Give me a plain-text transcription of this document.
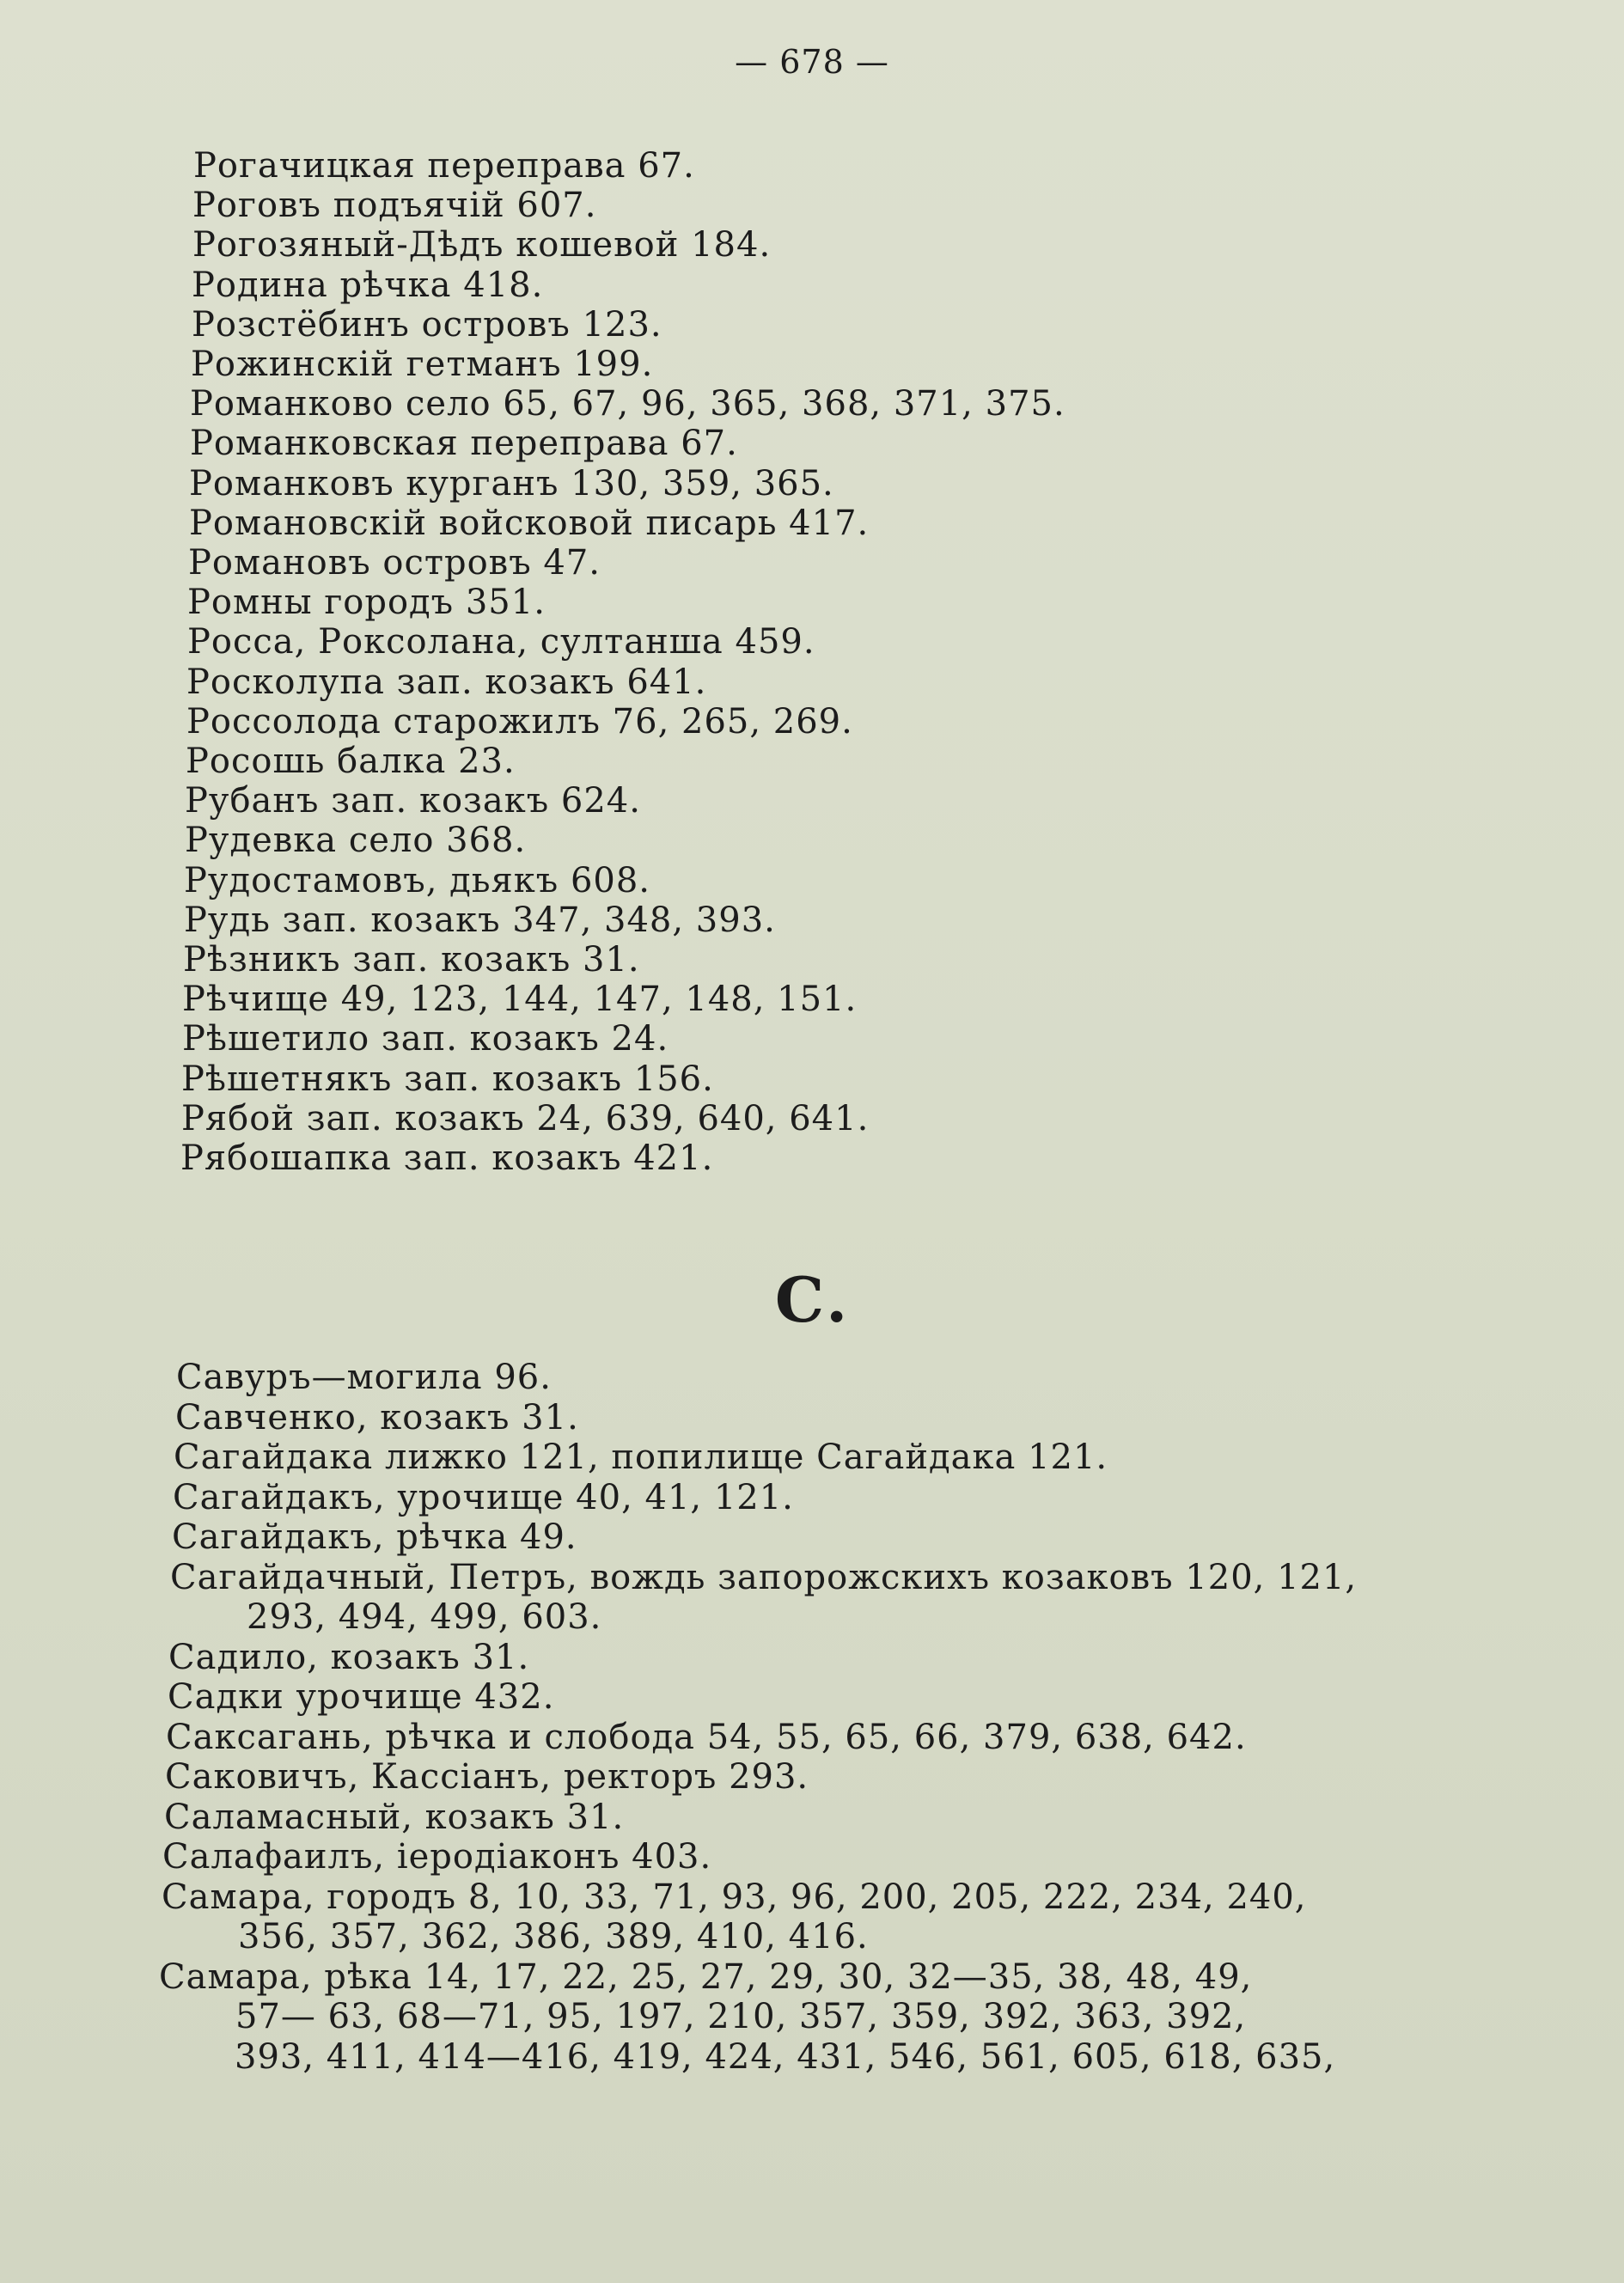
— 678 —
Рогачицкая переправа 67.
Роговъ подъячій 607.
Рогозяный-Дѣдъ кошевой 184.
Родина рѣчка 418.
Розстёбинъ островъ 123.
Рожинскій гетманъ 199.
Романково село 65, 67, 96, 365, 368, 371, 375.
Романковская переправа 67.
Романковъ курганъ 130, 359, 365.
Романовскій войсковой писарь 417.
Романовъ островъ 47.
Ромны городъ 351.
Росса, Роксолана, султанша 459.
Росколупа зап. козакъ 641.
Россолода старожилъ 76, 265, 269.
Росошь балка 23.
Рубанъ зап. козакъ 624.
Рудевка село 368.
Рудостамовъ, дьякъ 608.
Рудь зап. козакъ 347, 348, 393.
Рѣзникъ зап. козакъ 31.
Рѣчище 49, 123, 144, 147, 148, 151.
Рѣшетило зап. козакъ 24.
Рѣшетнякъ зап. козакъ 156.
Рябой зап. козакъ 24, 639, 640, 641.
Рябошапка зап. козакъ 421.
С.
Савуръ—могила 96.
Савченко, козакъ 31.
Сагайдака лижко 121, попилище Сагайдака 121.
Сагайдакъ, урочище 40, 41, 121.
Сагайдакъ, рѣчка 49.
Сагайдачный, Петръ, вождь запорожскихъ козаковъ 120, 121,
293, 494, 499, 603.
Садило, козакъ 31.
Садки урочище 432.
Саксагань, рѣчка и слобода 54, 55, 65, 66, 379, 638, 642.
Саковичъ, Кассіанъ, ректоръ 293.
Саламасный, козакъ 31.
Салафаилъ, іеродіаконъ 403.
Самара, городъ 8, 10, 33, 71, 93, 96, 200, 205, 222, 234, 240,
356, 357, 362, 386, 389, 410, 416.
Самара, рѣка 14, 17, 22, 25, 27, 29, 30, 32—35, 38, 48, 49,
57— 63, 68—71, 95, 197, 210, 357, 359, 392, 363, 392,
393, 411, 414—416, 419, 424, 431, 546, 561, 605, 618, 635,
